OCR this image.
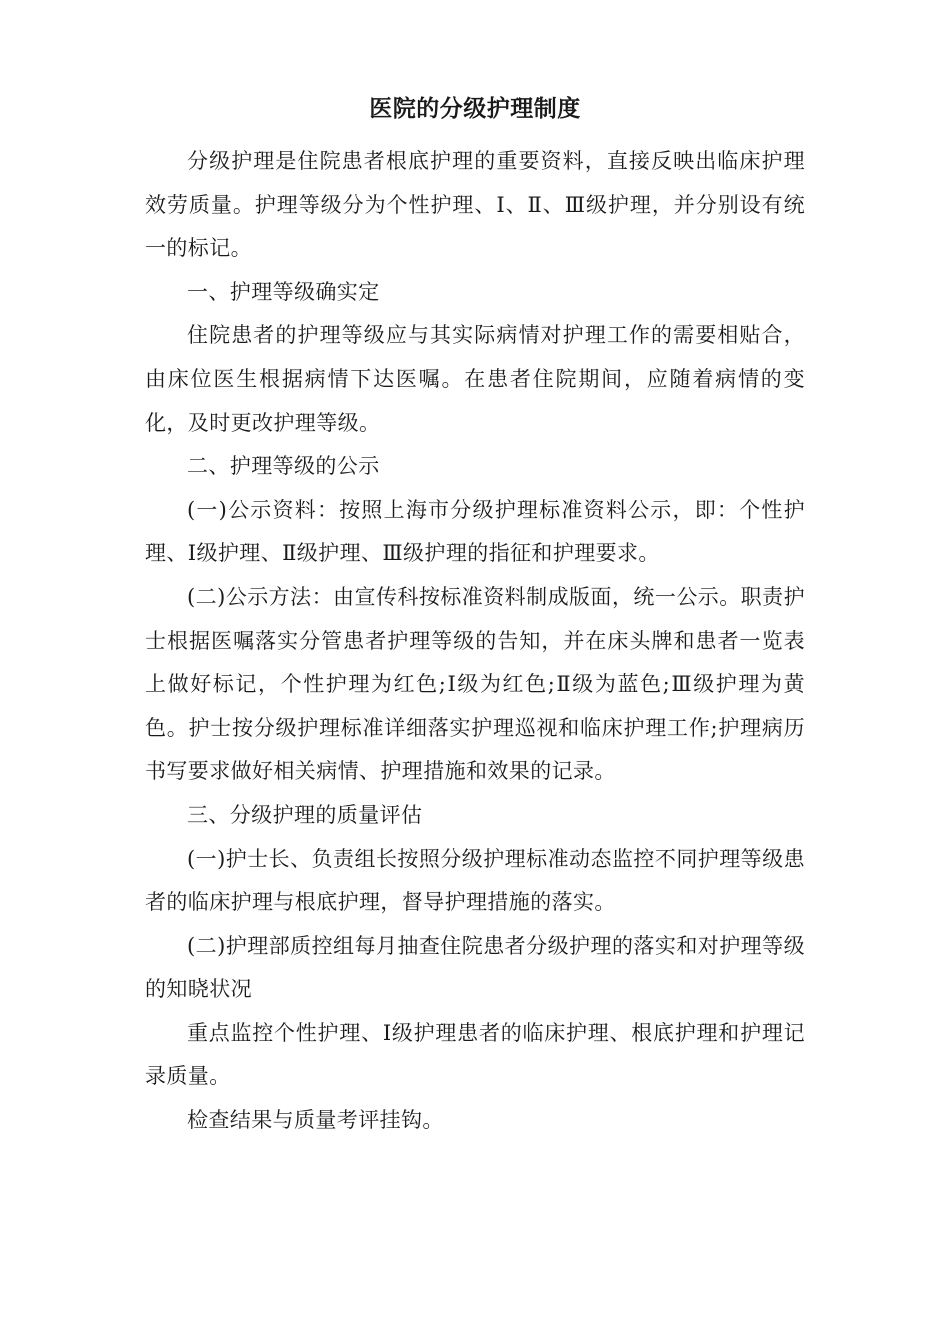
医院的分级护理制度

分级护理是住院患者根底护理的重要资料，直接反映出临床护理效劳质量。护理等级分为个性护理、Ⅰ、Ⅱ、Ⅲ级护理，并分别设有统一的标记。

一、护理等级确实定

住院患者的护理等级应与其实际病情对护理工作的需要相贴合，由床位医生根据病情下达医嘱。在患者住院期间，应随着病情的变化，及时更改护理等级。

二、护理等级的公示

(一)公示资料：按照上海市分级护理标准资料公示，即：个性护理、Ⅰ级护理、Ⅱ级护理、Ⅲ级护理的指征和护理要求。

(二)公示方法：由宣传科按标准资料制成版面，统一公示。职责护士根据医嘱落实分管患者护理等级的告知，并在床头牌和患者一览表上做好标记，个性护理为红色;Ⅰ级为红色;Ⅱ级为蓝色;Ⅲ级护理为黄色。护士按分级护理标准详细落实护理巡视和临床护理工作;护理病历书写要求做好相关病情、护理措施和效果的记录。

三、分级护理的质量评估

(一)护士长、负责组长按照分级护理标准动态监控不同护理等级患者的临床护理与根底护理，督导护理措施的落实。

(二)护理部质控组每月抽查住院患者分级护理的落实和对护理等级的知晓状况

重点监控个性护理、Ⅰ级护理患者的临床护理、根底护理和护理记录质量。

检查结果与质量考评挂钩。
